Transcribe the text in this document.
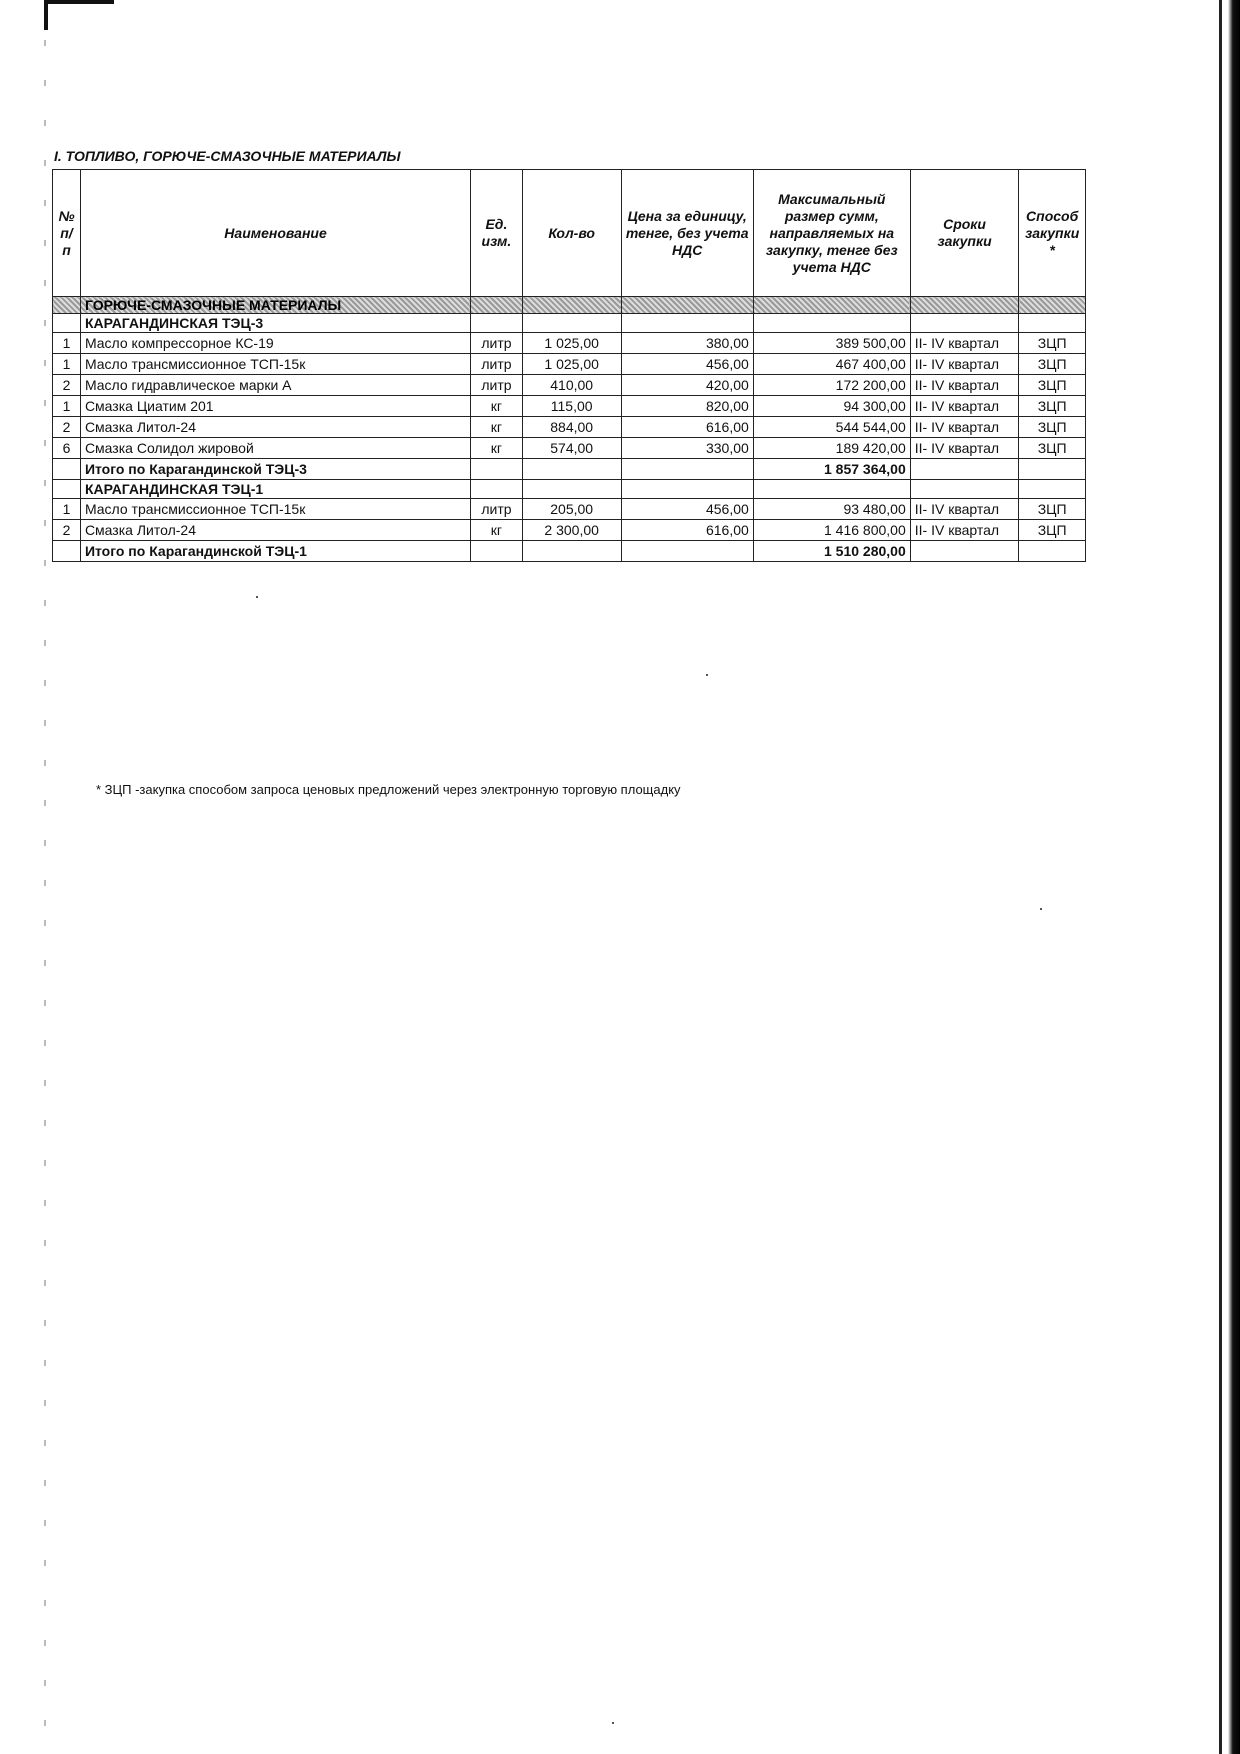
I. ТОПЛИВО, ГОРЮЧЕ-СМАЗОЧНЫЕ МАТЕРИАЛЫ
№ п/п	Наименование	Ед. изм.	Кол-во	Цена за единицу, тенге, без учета НДС	Максимальный размер сумм, направляемых на закупку, тенге без учета НДС	Сроки закупки	Способ закупки *
	ГОРЮЧЕ-СМАЗОЧНЫЕ МАТЕРИАЛЫ						
	КАРАГАНДИНСКАЯ ТЭЦ-3						
1	Масло компрессорное КС-19	литр	1 025,00	380,00	389 500,00	II- IV квартал	ЗЦП
1	Масло трансмиссионное ТСП-15к	литр	1 025,00	456,00	467 400,00	II- IV квартал	ЗЦП
2	Масло гидравлическое марки А	литр	410,00	420,00	172 200,00	II- IV квартал	ЗЦП
1	Смазка Циатим 201	кг	115,00	820,00	94 300,00	II- IV квартал	ЗЦП
2	Смазка Литол-24	кг	884,00	616,00	544 544,00	II- IV квартал	ЗЦП
6	Смазка Солидол жировой	кг	574,00	330,00	189 420,00	II- IV квартал	ЗЦП
	Итого по Карагандинской ТЭЦ-3				1 857 364,00		
	КАРАГАНДИНСКАЯ ТЭЦ-1						
1	Масло трансмиссионное ТСП-15к	литр	205,00	456,00	93 480,00	II- IV квартал	ЗЦП
2	Смазка Литол-24	кг	2 300,00	616,00	1 416 800,00	II- IV квартал	ЗЦП
	Итого по Карагандинской ТЭЦ-1				1 510 280,00		
* ЗЦП -закупка способом запроса ценовых предложений через электронную торговую площадку
